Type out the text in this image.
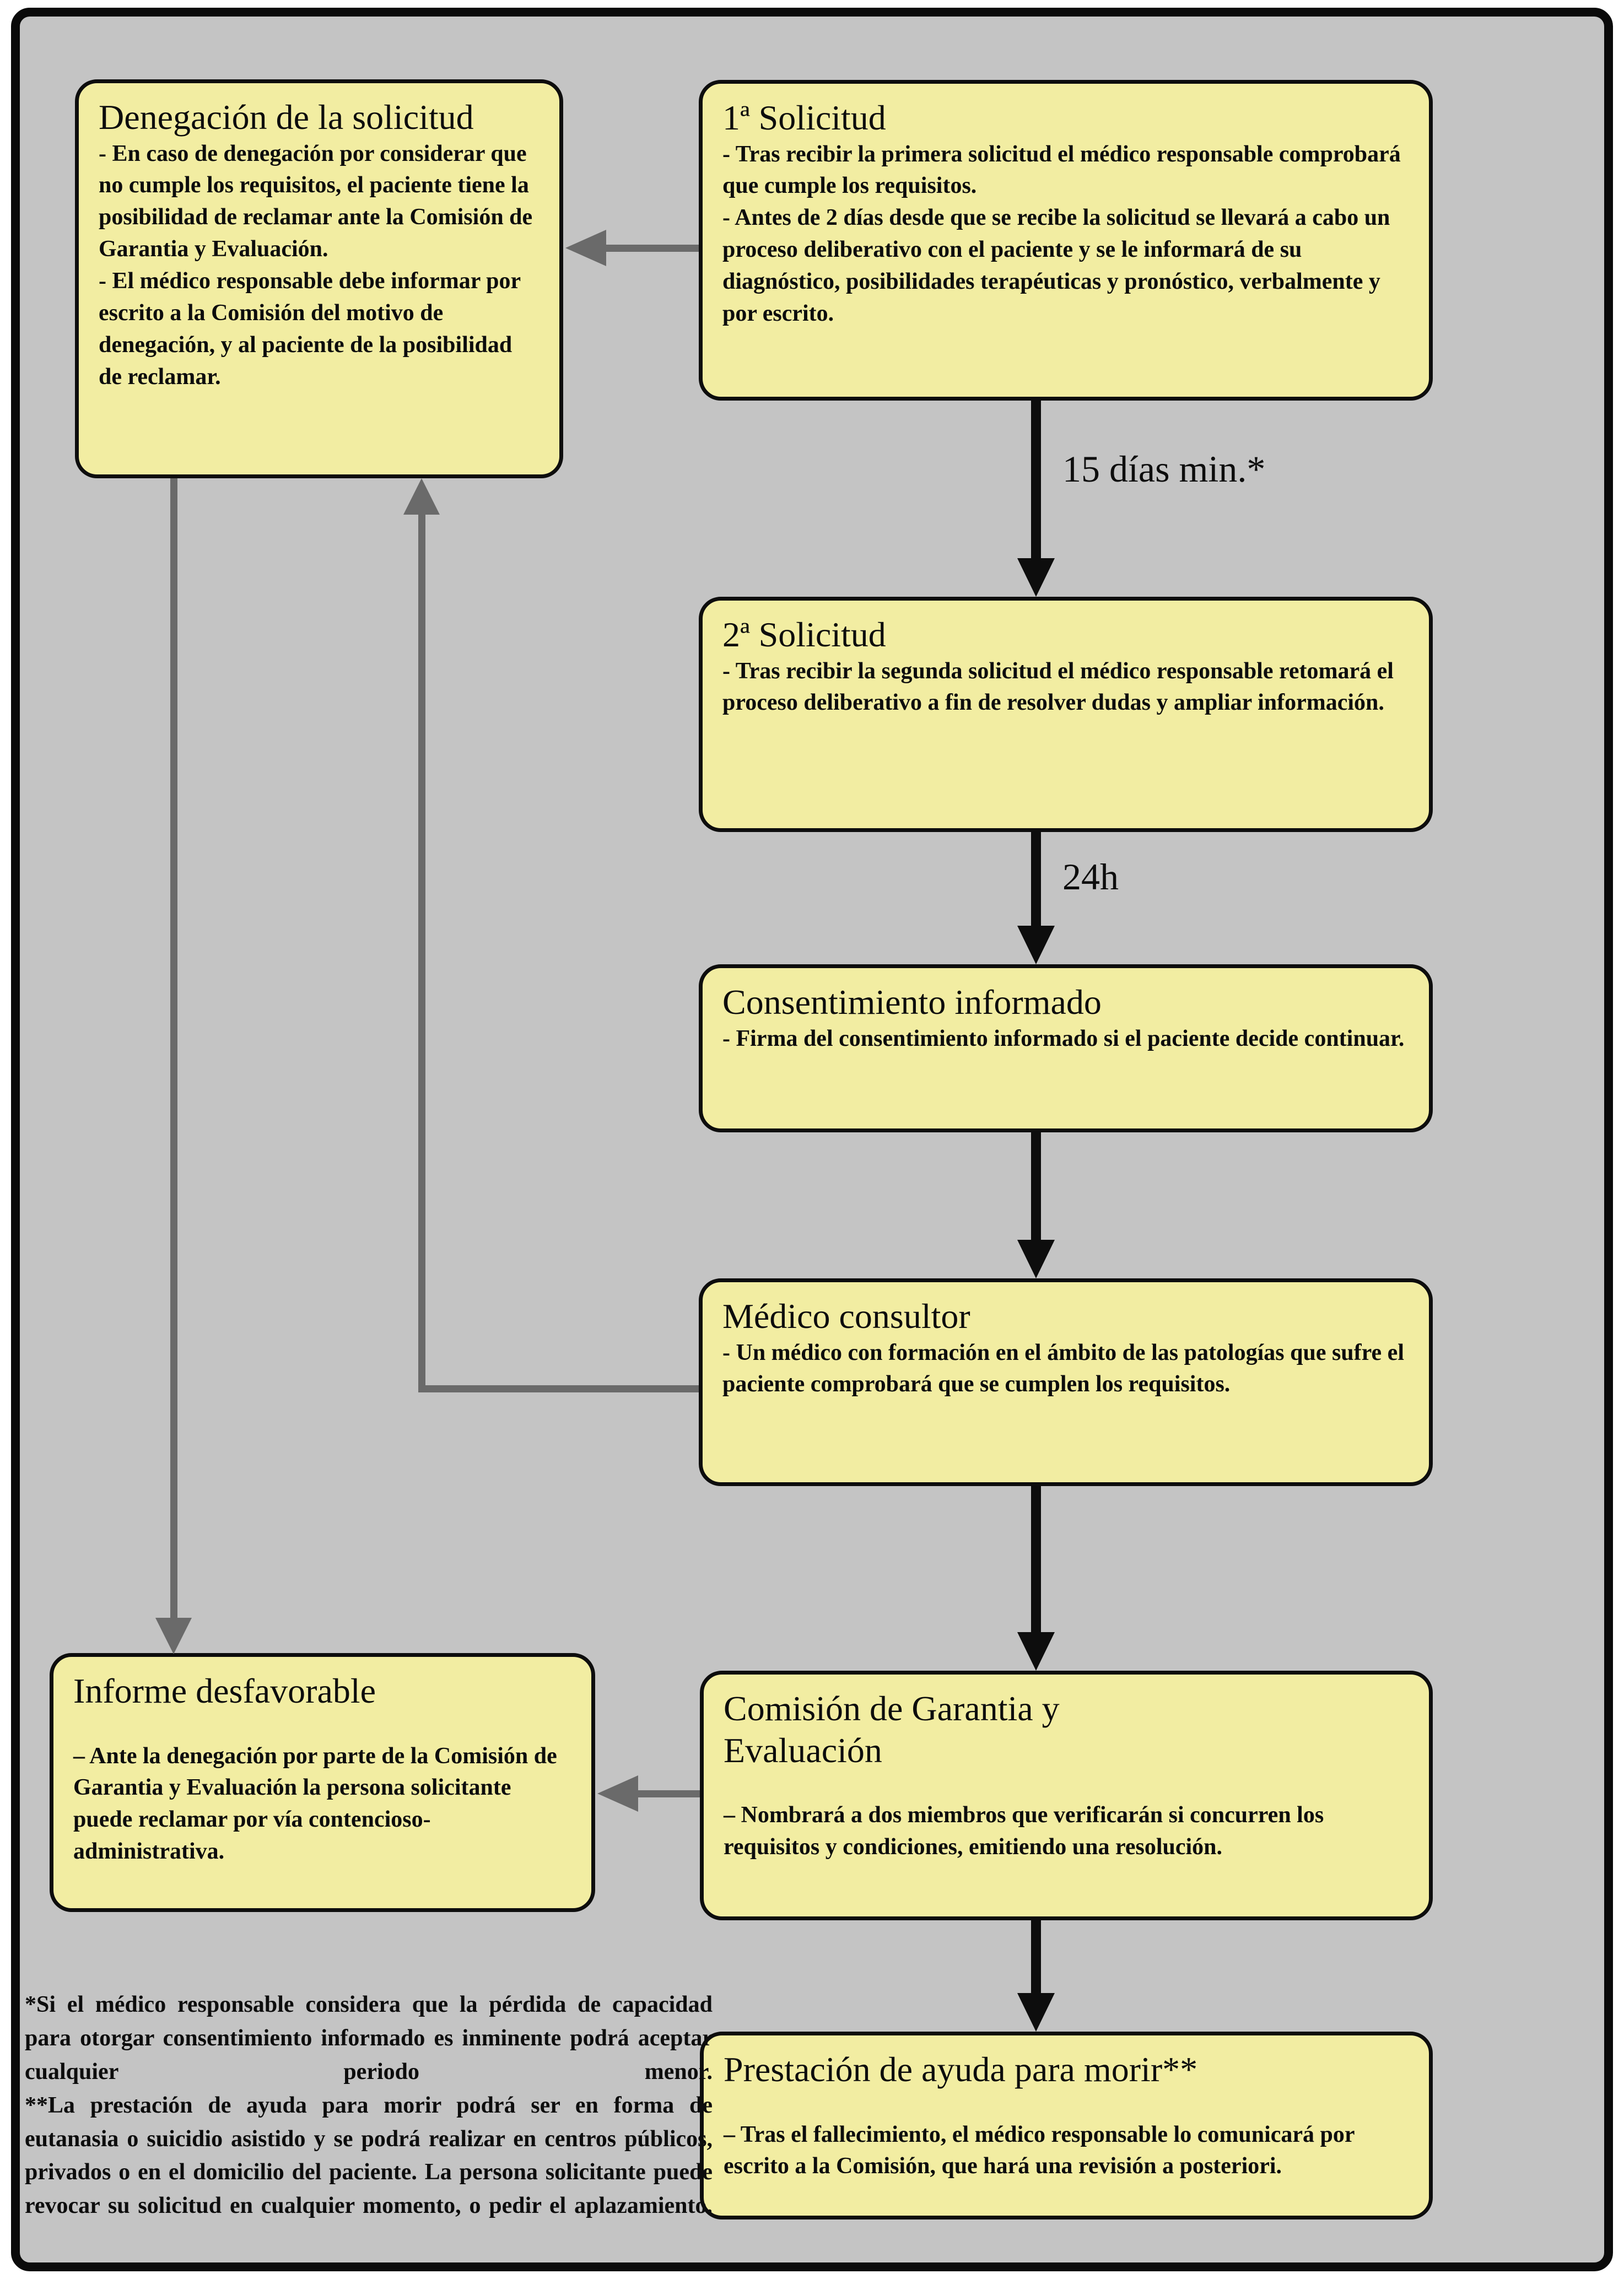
Denegación de la solicitud
- En caso de denegación por considerar que no cumple los requisitos, el paciente tiene la posibilidad de reclamar ante la Comisión de Garantia y Evaluación.
- El médico responsable debe informar por escrito a la Comisión del motivo de denegación, y al paciente de la posibilidad de reclamar.
1ª Solicitud
- Tras recibir la primera solicitud el médico responsable comprobará que cumple los requisitos.
- Antes de 2 días desde que se recibe la solicitud se llevará a cabo un proceso deliberativo con el paciente y se le informará de su diagnóstico, posibilidades terapéuticas y pronóstico, verbalmente y por escrito.
2ª Solicitud
- Tras recibir la segunda solicitud el médico responsable retomará el proceso deliberativo a fin de resolver dudas y ampliar información.
Consentimiento informado
- Firma del consentimiento informado si el paciente decide continuar.
Médico consultor
- Un médico con formación en el ámbito de las patologías que sufre el paciente comprobará que se cumplen los requisitos.
Comisión de Garantia y
Evaluación
– Nombrará a dos miembros que verificarán si concurren los requisitos y condiciones, emitiendo una resolución.
Informe desfavorable
– Ante la denegación por parte de la Comisión de Garantia y Evaluación la persona solicitante puede reclamar por vía contencioso-administrativa.
Prestación de ayuda para morir**
– Tras el fallecimiento, el médico responsable lo comunicará por escrito a la Comisión, que hará una revisión a posteriori.
15 días min.*
24h
*Si el médico responsable considera que la pérdida de capacidad para otorgar consentimiento informado es inminente podrá aceptar cualquier periodo menor.
**La prestación de ayuda para morir podrá ser en forma de eutanasia o suicidio asistido y se podrá realizar en centros públicos, privados o en el domicilio del paciente. La persona solicitante puede revocar su solicitud en cualquier momento, o pedir el aplazamiento.
